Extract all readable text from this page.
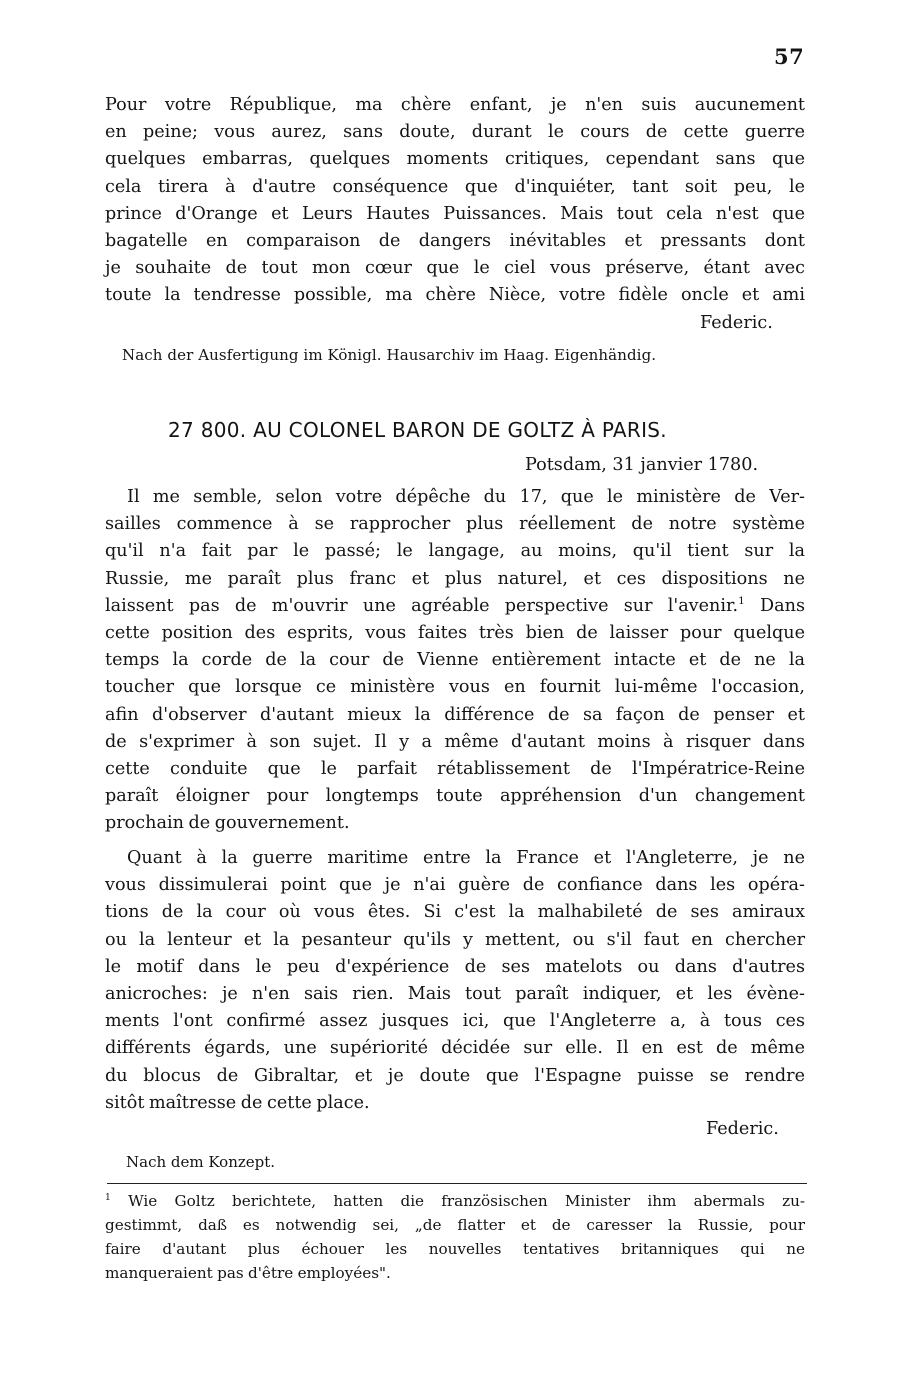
57
Pour votre République, ma chère enfant, je n'en suis aucunement
en peine; vous aurez, sans doute, durant le cours de cette guerre
quelques embarras, quelques moments critiques, cependant sans que
cela tirera à d'autre conséquence que d'inquiéter, tant soit peu, le
prince d'Orange et Leurs Hautes Puissances. Mais tout cela n'est que
bagatelle en comparaison de dangers inévitables et pressants dont
je souhaite de tout mon cœur que le ciel vous préserve, étant avec
toute la tendresse possible, ma chère Nièce, votre fidèle oncle et ami
Federic.
Nach der Ausfertigung im Königl. Hausarchiv im Haag. Eigenhändig.
27 800. AU COLONEL BARON DE GOLTZ À PARIS.
Potsdam, 31 janvier 1780.
Il me semble, selon votre dépêche du 17, que le ministère de Ver-
sailles commence à se rapprocher plus réellement de notre système
qu'il n'a fait par le passé; le langage, au moins, qu'il tient sur la
Russie, me paraît plus franc et plus naturel, et ces dispositions ne
laissent pas de m'ouvrir une agréable perspective sur l'avenir.$^1$ Dans
cette position des esprits, vous faites très bien de laisser pour quelque
temps la corde de la cour de Vienne entièrement intacte et de ne la
toucher que lorsque ce ministère vous en fournit lui-même l'occasion,
afin d'observer d'autant mieux la différence de sa façon de penser et
de s'exprimer à son sujet. Il y a même d'autant moins à risquer dans
cette conduite que le parfait rétablissement de l'Impératrice-Reine
paraît éloigner pour longtemps toute appréhension d'un changement
prochain de gouvernement.
Quant à la guerre maritime entre la France et l'Angleterre, je ne
vous dissimulerai point que je n'ai guère de confiance dans les opéra-
tions de la cour où vous êtes. Si c'est la malhabileté de ses amiraux
ou la lenteur et la pesanteur qu'ils y mettent, ou s'il faut en chercher
le motif dans le peu d'expérience de ses matelots ou dans d'autres
anicroches: je n'en sais rien. Mais tout paraît indiquer, et les évène-
ments l'ont confirmé assez jusques ici, que l'Angleterre a, à tous ces
différents égards, une supériorité décidée sur elle. Il en est de même
du blocus de Gibraltar, et je doute que l'Espagne puisse se rendre
sitôt maîtresse de cette place.
Federic.
Nach dem Konzept.
$^1$ Wie Goltz berichtete, hatten die französischen Minister ihm abermals zu-
gestimmt, daß es notwendig sei, „de flatter et de caresser la Russie, pour
faire d'autant plus échouer les nouvelles tentatives britanniques qui ne
manqueraient pas d'être employées".
